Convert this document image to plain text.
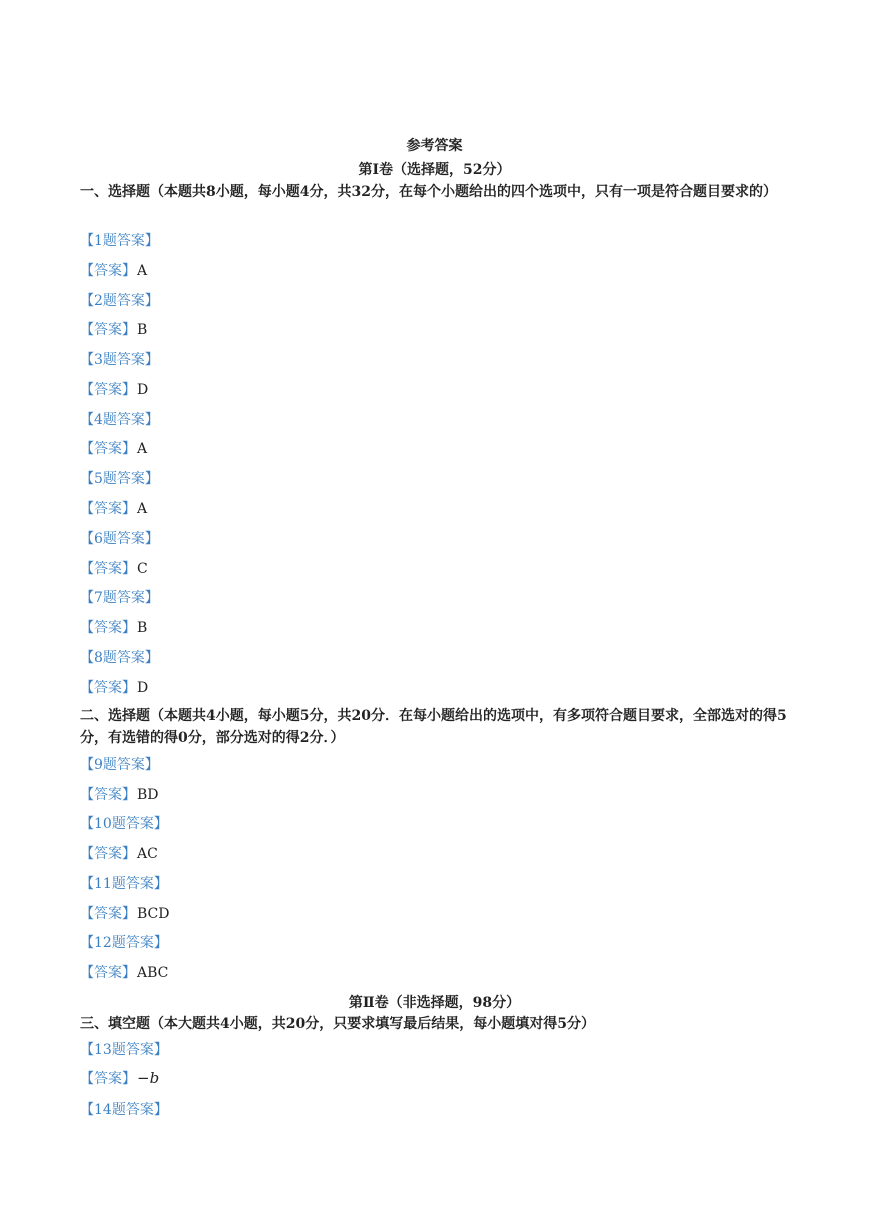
参考答案
第Ⅰ卷（选择题，52分）
一、选择题（本题共8小题，每小题4分，共32分，在每个小题给出的四个选项中，只有一项是符合题目要求的）
【1题答案】
【答案】A
【2题答案】
【答案】B
【3题答案】
【答案】D
【4题答案】
【答案】A
【5题答案】
【答案】A
【6题答案】
【答案】C
【7题答案】
【答案】B
【8题答案】
【答案】D
二、选择题（本题共4小题，每小题5分，共20分．在每小题给出的选项中，有多项符合题目要求，全部选对的得5分，有选错的得0分，部分选对的得2分．）
【9题答案】
【答案】BD
【10题答案】
【答案】AC
【11题答案】
【答案】BCD
【12题答案】
【答案】ABC
第Ⅱ卷（非选择题，98分）
三、填空题（本大题共4小题，共20分，只要求填写最后结果，每小题填对得5分）
【13题答案】
【答案】−b
【14题答案】
